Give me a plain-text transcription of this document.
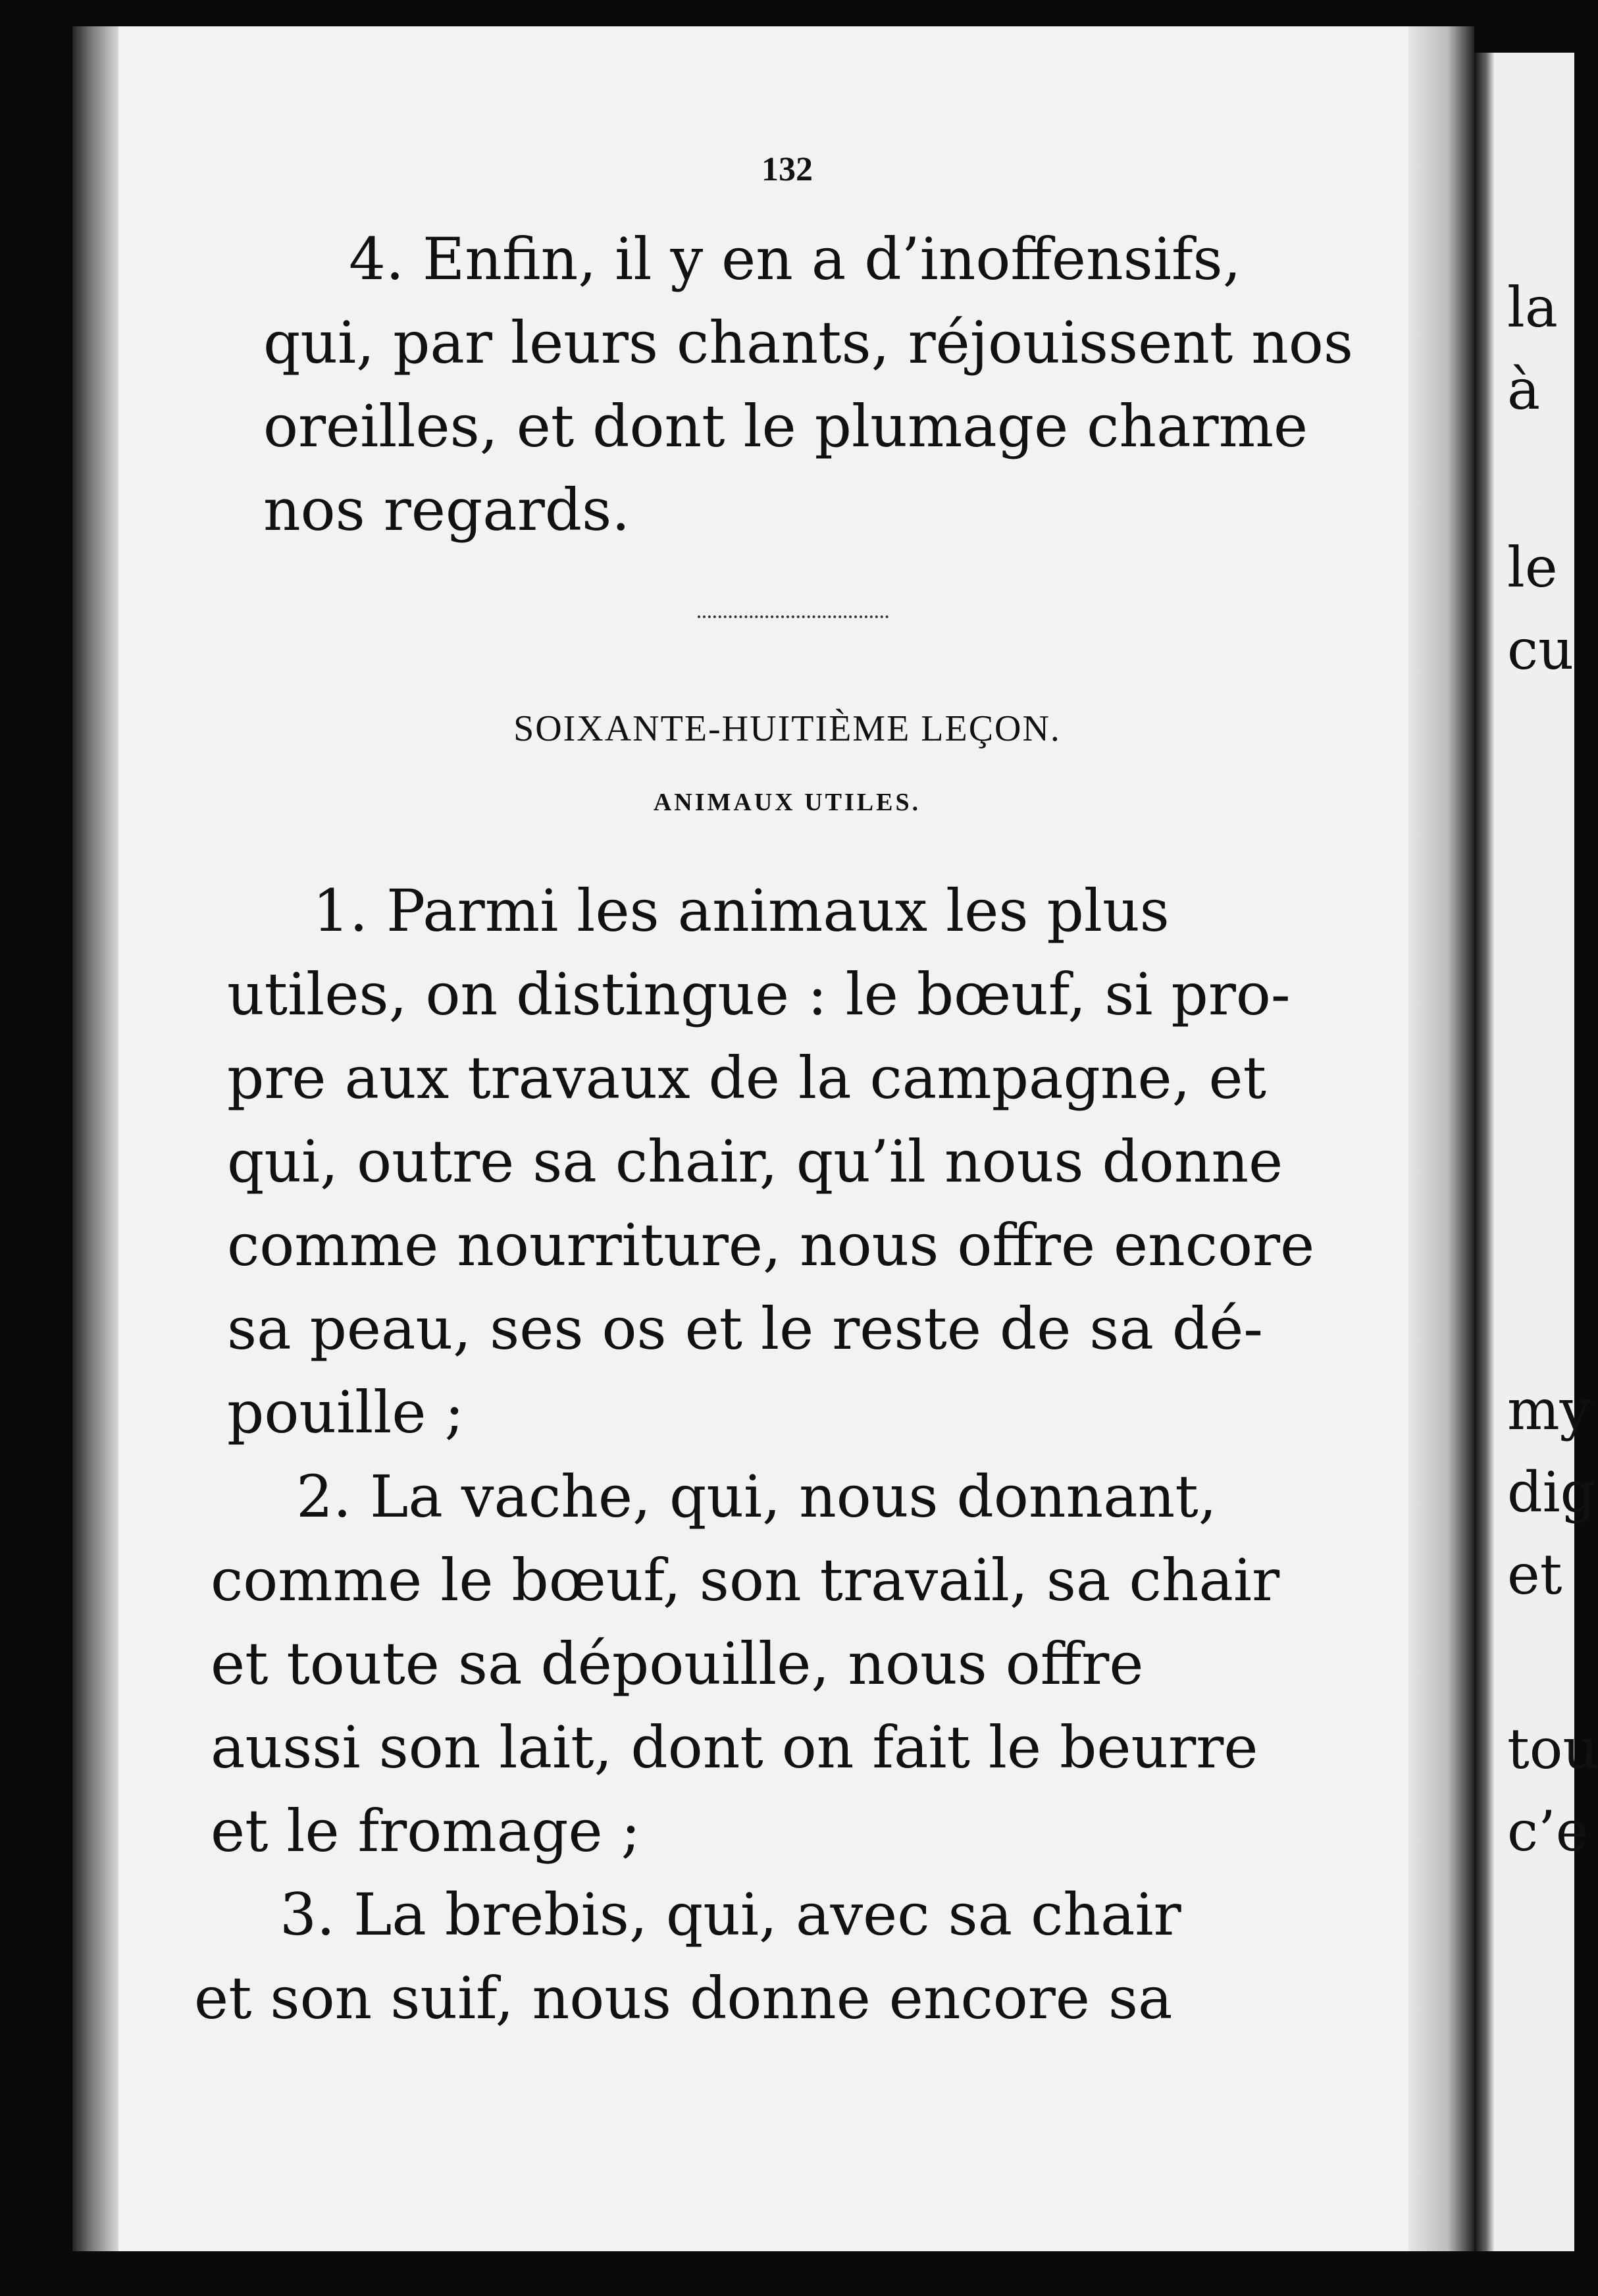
132
4. Enfin, il y en a d’inoffensifs,
qui, par leurs chants, réjouissent nos
oreilles, et dont le plumage charme
nos regards.
SOIXANTE-HUITIÈME LEÇON.
ANIMAUX UTILES.
1. Parmi les animaux les plus
utiles, on distingue : le bœuf, si pro-
pre aux travaux de la campagne, et
qui, outre sa chair, qu’il nous donne
comme nourriture, nous offre encore
sa peau, ses os et le reste de sa dé-
pouille ;
2. La vache, qui, nous donnant,
comme le bœuf, son travail, sa chair
et toute sa dépouille, nous offre
aussi son lait, dont on fait le beurre
et le fromage ;
3. La brebis, qui, avec sa chair
et son suif, nous donne encore sa
la
à
le
cu
my
dig
et
tou
c’e
